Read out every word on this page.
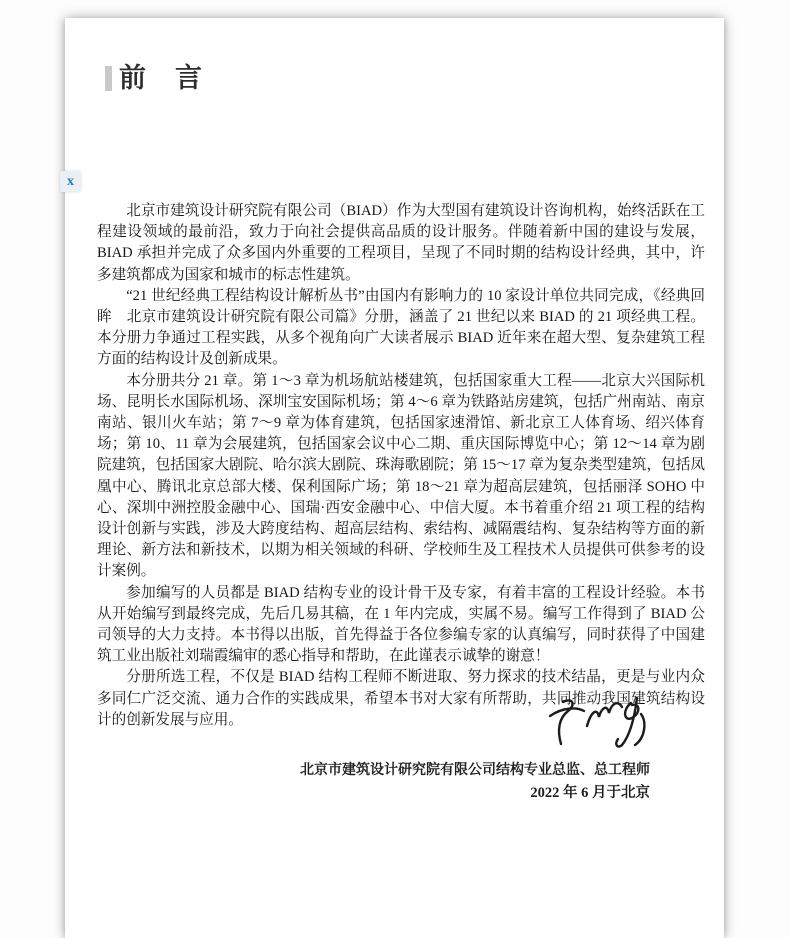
x
前　言

北京市建筑设计研究院有限公司（BIAD）作为大型国有建筑设计咨询机构，始终活跃在工程建设领域的最前沿，致力于向社会提供高品质的设计服务。伴随着新中国的建设与发展，BIAD 承担并完成了众多国内外重要的工程项目，呈现了不同时期的结构设计经典，其中，许多建筑都成为国家和城市的标志性建筑。

“21 世纪经典工程结构设计解析丛书”由国内有影响力的 10 家设计单位共同完成，《经典回眸　北京市建筑设计研究院有限公司篇》分册，涵盖了 21 世纪以来 BIAD 的 21 项经典工程。本分册力争通过工程实践，从多个视角向广大读者展示 BIAD 近年来在超大型、复杂建筑工程方面的结构设计及创新成果。

本分册共分 21 章。第 1～3 章为机场航站楼建筑，包括国家重大工程——北京大兴国际机场、昆明长水国际机场、深圳宝安国际机场；第 4～6 章为铁路站房建筑，包括广州南站、南京南站、银川火车站；第 7～9 章为体育建筑，包括国家速滑馆、新北京工人体育场、绍兴体育场；第 10、11 章为会展建筑，包括国家会议中心二期、重庆国际博览中心；第 12～14 章为剧院建筑，包括国家大剧院、哈尔滨大剧院、珠海歌剧院；第 15～17 章为复杂类型建筑，包括凤凰中心、腾讯北京总部大楼、保利国际广场；第 18～21 章为超高层建筑，包括丽泽 SOHO 中心、深圳中洲控股金融中心、国瑞·西安金融中心、中信大厦。本书着重介绍 21 项工程的结构设计创新与实践，涉及大跨度结构、超高层结构、索结构、减隔震结构、复杂结构等方面的新理论、新方法和新技术，以期为相关领域的科研、学校师生及工程技术人员提供可供参考的设计案例。

参加编写的人员都是 BIAD 结构专业的设计骨干及专家，有着丰富的工程设计经验。本书从开始编写到最终完成，先后几易其稿，在 1 年内完成，实属不易。编写工作得到了 BIAD 公司领导的大力支持。本书得以出版，首先得益于各位参编专家的认真编写，同时获得了中国建筑工业出版社刘瑞霞编审的悉心指导和帮助，在此谨表示诚挚的谢意！

分册所选工程，不仅是 BIAD 结构工程师不断进取、努力探求的技术结晶，更是与业内众多同仁广泛交流、通力合作的实践成果，希望本书对大家有所帮助，共同推动我国建筑结构设计的创新发展与应用。

北京市建筑设计研究院有限公司结构专业总监、总工程师
2022 年 6 月于北京
